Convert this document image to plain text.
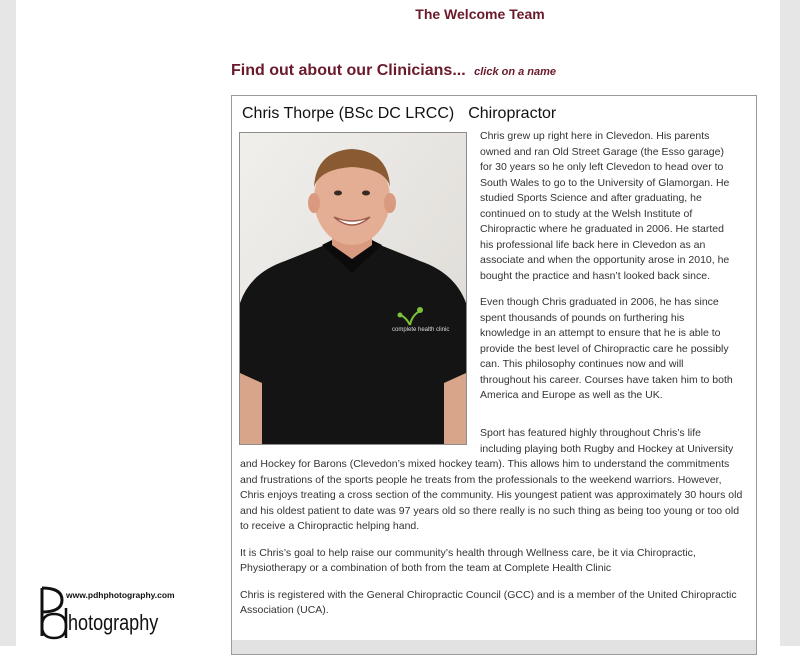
The Welcome Team
Find out about our Clinicians... click on a name
Chris Thorpe (BSc DC LRCC) Chiropractor
complete health clinic

Chris grew up right here in Clevedon. His parents owned and ran Old Street Garage (the Esso garage) for 30 years so he only left Clevedon to head over to South Wales to go to the University of Glamorgan. He studied Sports Science and after graduating, he continued on to study at the Welsh Institute of Chiropractic where he graduated in 2006. He started his professional life back here in Clevedon as an associate and when the opportunity arose in 2010, he bought the practice and hasn’t looked back since.

Even though Chris graduated in 2006, he has since spent thousands of pounds on furthering his knowledge in an attempt to ensure that he is able to provide the best level of Chiropractic care he possibly can. This philosophy continues now and will throughout his career. Courses have taken him to both America and Europe as well as the UK.

Sport has featured highly throughout Chris’s life including playing both Rugby and Hockey at University
and Hockey for Barons (Clevedon’s mixed hockey team). This allows him to understand the commitments and frustrations of the sports people he treats from the professionals to the weekend warriors. However, Chris enjoys treating a cross section of the community. His youngest patient was approximately 30 hours old and his oldest patient to date was 97 years old so there really is no such thing as being too young or too old to receive a Chiropractic helping hand.

It is Chris’s goal to help raise our community’s health through Wellness care, be it via Chiropractic, Physiotherapy or a combination of both from the team at Complete Health Clinic

Chris is registered with the General Chiropractic Council (GCC) and is a member of the United Chiropractic Association (UCA).

www.pdhphotography.com
hotography
